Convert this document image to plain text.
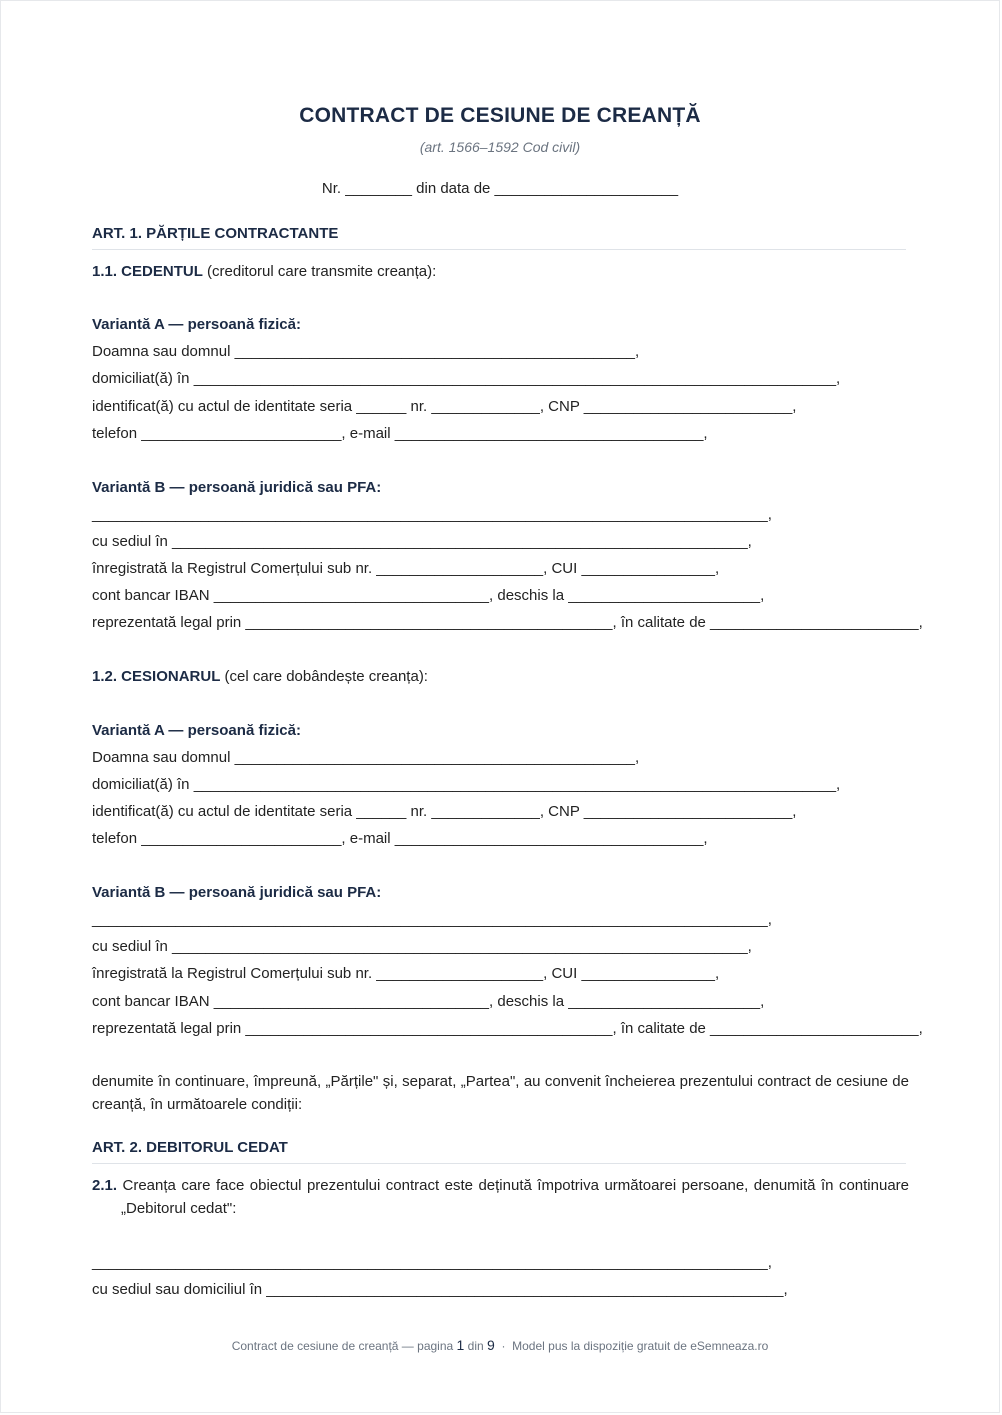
CONTRACT DE CESIUNE DE CREANȚĂ
(art. 1566–1592 Cod civil)
Nr. ________ din data de ______________________
ART. 1. PĂRȚILE CONTRACTANTE
1.1. CEDENTUL (creditorul care transmite creanța):
Variantă A — persoană fizică:
Doamna sau domnul ________________________________________________,
domiciliat(ă) în _____________________________________________________________________________,
identificat(ă) cu actul de identitate seria ______ nr. _____________, CNP _________________________,
telefon ________________________, e-mail _____________________________________,
Variantă B — persoană juridică sau PFA:
_________________________________________________________________________________,
cu sediul în _____________________________________________________________________,
înregistrată la Registrul Comerțului sub nr. ____________________, CUI ________________,
cont bancar IBAN _________________________________, deschis la _______________________,
reprezentată legal prin ____________________________________________, în calitate de _________________________,
1.2. CESIONARUL (cel care dobândește creanța):
Variantă A — persoană fizică:
Doamna sau domnul ________________________________________________,
domiciliat(ă) în _____________________________________________________________________________,
identificat(ă) cu actul de identitate seria ______ nr. _____________, CNP _________________________,
telefon ________________________, e-mail _____________________________________,
Variantă B — persoană juridică sau PFA:
_________________________________________________________________________________,
cu sediul în _____________________________________________________________________,
înregistrată la Registrul Comerțului sub nr. ____________________, CUI ________________,
cont bancar IBAN _________________________________, deschis la _______________________,
reprezentată legal prin ____________________________________________, în calitate de _________________________,
denumite în continuare, împreună, „Părțile" și, separat, „Partea", au convenit încheierea prezentului contract de cesiune de creanță, în următoarele condiții:
ART. 2. DEBITORUL CEDAT
2.1. Creanța care face obiectul prezentului contract este deținută împotriva următoarei persoane, denumită în continuare „Debitorul cedat":
_________________________________________________________________________________,
cu sediul sau domiciliul în ______________________________________________________________,
Contract de cesiune de creanță — pagina 1 din 9  ·  Model pus la dispoziție gratuit de eSemneaza.ro
